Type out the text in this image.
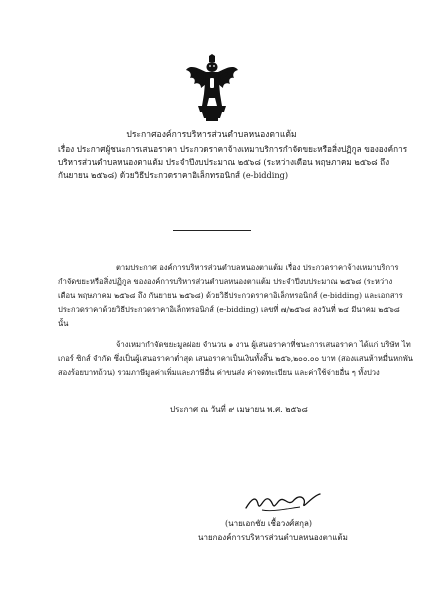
ประกาศองค์การบริหารส่วนตำบลหนองตาแต้ม
เรื่อง ประกาศผู้ชนะการเสนอราคา ประกวดราคาจ้างเหมาบริการกำจัดขยะหรือสิ่งปฏิกูล ขององค์การ
บริหารส่วนตำบลหนองตาแต้ม ประจำปีงบประมาณ ๒๕๖๘ (ระหว่างเดือน พฤษภาคม ๒๕๖๘ ถึง
กันยายน ๒๕๖๘) ด้วยวิธีประกวดราคาอิเล็กทรอนิกส์ (e-bidding)
ตามประกาศ องค์การบริหารส่วนตำบลหนองตาแต้ม เรื่อง ประกวดราคาจ้างเหมาบริการ
กำจัดขยะหรือสิ่งปฏิกูล ขององค์การบริหารส่วนตำบลหนองตาแต้ม ประจำปีงบประมาณ ๒๕๖๘ (ระหว่าง
เดือน พฤษภาคม ๒๕๖๘ ถึง กันยายน ๒๕๖๘) ด้วยวิธีประกวดราคาอิเล็กทรอนิกส์ (e-bidding) และเอกสาร
ประกวดราคาด้วยวิธีประกวดราคาอิเล็กทรอนิกส์ (e-bidding) เลขที่ ๗/๒๕๖๘ ลงวันที่ ๒๔ มีนาคม ๒๕๖๘
นั้น
จ้างเหมากำจัดขยะมูลฝอย จำนวน ๑ งาน ผู้เสนอราคาที่ชนะการเสนอราคา ได้แก่ บริษัท ไท
เกอร์ ซิกส์ จำกัด ซึ่งเป็นผู้เสนอราคาต่ำสุด เสนอราคาเป็นเงินทั้งสิ้น ๒๕๖,๒๐๐.๐๐ บาท (สองแสนห้าหมื่นหกพัน
สองร้อยบาทถ้วน) รวมภาษีมูลค่าเพิ่มและภาษีอื่น ค่าขนส่ง ค่าจดทะเบียน และค่าใช้จ่ายอื่น ๆ ทั้งปวง
ประกาศ ณ วันที่ ๙ เมษายน พ.ศ. ๒๕๖๘
(นายเอกชัย เชื้อวงศ์สกุล)
นายกองค์การบริหารส่วนตำบลหนองตาแต้ม
